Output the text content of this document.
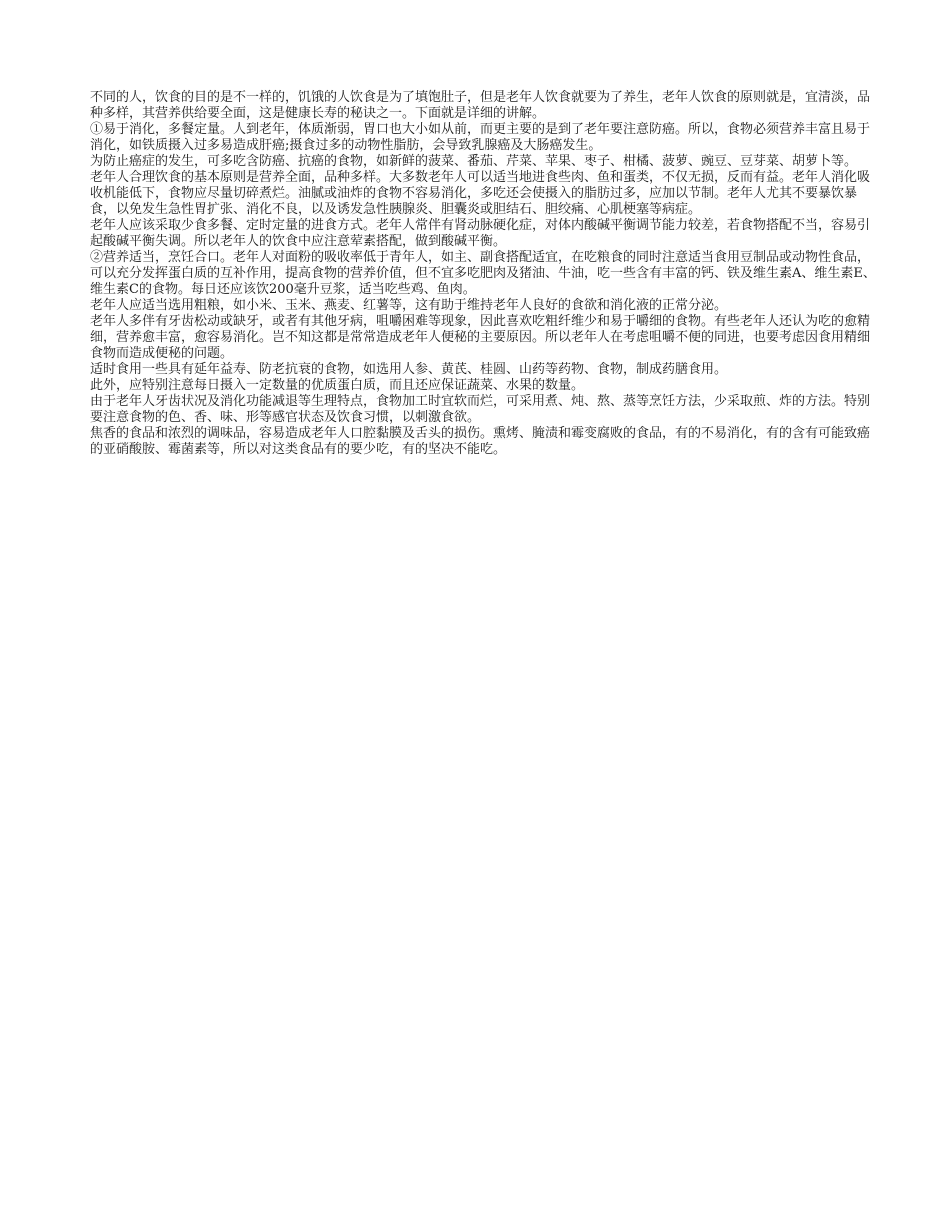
不同的人，饮食的目的是不一样的，饥饿的人饮食是为了填饱肚子，但是老年人饮食就要为了养生，老年人饮食的原则就是，宜清淡，品种多样，其营养供给要全面，这是健康长寿的秘诀之一。下面就是详细的讲解。

①易于消化，多餐定量。人到老年，体质渐弱，胃口也大小如从前，而更主要的是到了老年要注意防癌。所以，食物必须营养丰富且易于消化，如铁质摄入过多易造成肝癌;摄食过多的动物性脂肪，会导致乳腺癌及大肠癌发生。

为防止癌症的发生，可多吃含防癌、抗癌的食物，如新鲜的菠菜、番茄、芹菜、苹果、枣子、柑橘、菠萝、豌豆、豆芽菜、胡萝卜等。

老年人合理饮食的基本原则是营养全面，品种多样。大多数老年人可以适当地进食些肉、鱼和蛋类，不仅无损，反而有益。老年人消化吸收机能低下，食物应尽量切碎煮烂。油腻或油炸的食物不容易消化，多吃还会使摄入的脂肪过多，应加以节制。老年人尤其不要暴饮暴食，以免发生急性胃扩张、消化不良，以及诱发急性胰腺炎、胆囊炎或胆结石、胆绞痛、心肌梗塞等病症。

老年人应该采取少食多餐、定时定量的进食方式。老年人常伴有肾动脉硬化症，对体内酸碱平衡调节能力较差，若食物搭配不当，容易引起酸碱平衡失调。所以老年人的饮食中应注意荤素搭配，做到酸碱平衡。

②营养适当，烹饪合口。老年人对面粉的吸收率低于青年人，如主、副食搭配适宜，在吃粮食的同时注意适当食用豆制品或动物性食品，可以充分发挥蛋白质的互补作用，提高食物的营养价值，但不宜多吃肥肉及猪油、牛油，吃一些含有丰富的钙、铁及维生素A、维生素E、维生素C的食物。每日还应该饮200毫升豆浆，适当吃些鸡、鱼肉。

老年人应适当选用粗粮，如小米、玉米、燕麦、红薯等，这有助于维持老年人良好的食欲和消化液的正常分泌。

老年人多伴有牙齿松动或缺牙，或者有其他牙病，咀嚼困难等现象，因此喜欢吃粗纤维少和易于嚼细的食物。有些老年人还认为吃的愈精细，营养愈丰富，愈容易消化。岂不知这都是常常造成老年人便秘的主要原因。所以老年人在考虑咀嚼不便的同进，也要考虑因食用精细食物而造成便秘的问题。

适时食用一些具有延年益寿、防老抗衰的食物，如选用人参、黄芪、桂圆、山药等药物、食物，制成药膳食用。

此外，应特别注意每日摄入一定数量的优质蛋白质，而且还应保证蔬菜、水果的数量。

由于老年人牙齿状况及消化功能减退等生理特点，食物加工时宜软而烂，可采用煮、炖、熬、蒸等烹饪方法，少采取煎、炸的方法。特别要注意食物的色、香、味、形等感官状态及饮食习惯，以刺激食欲。

焦香的食品和浓烈的调味品，容易造成老年人口腔黏膜及舌头的损伤。熏烤、腌渍和霉变腐败的食品，有的不易消化，有的含有可能致癌的亚硝酸胺、霉菌素等，所以对这类食品有的要少吃，有的坚决不能吃。
